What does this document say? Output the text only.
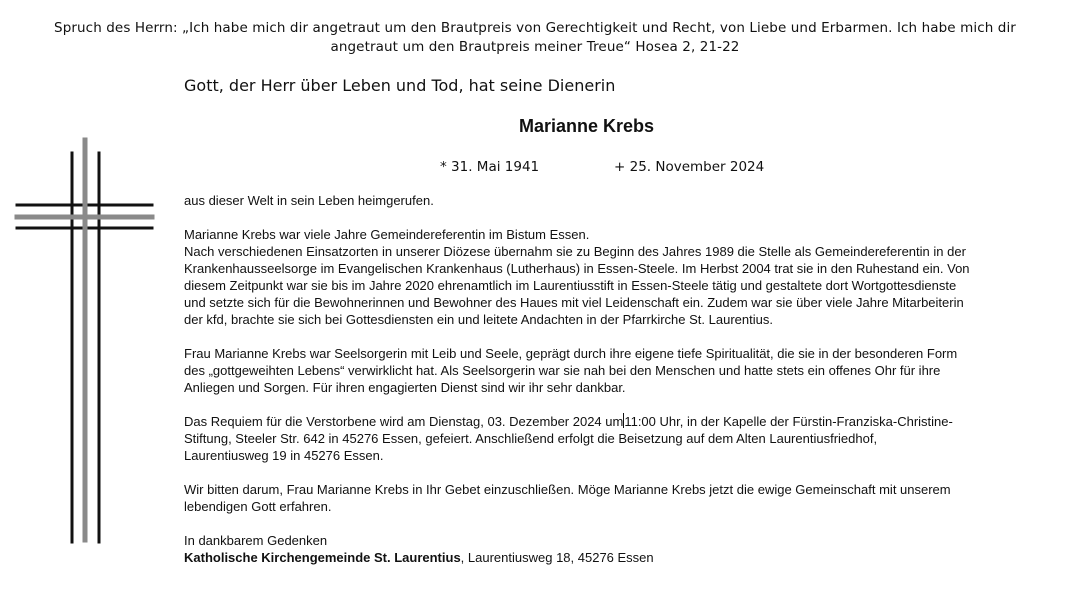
Spruch des Herrn: „Ich habe mich dir angetraut um den Brautpreis von Gerechtigkeit und Recht, von Liebe und Erbarmen. Ich habe mich dir
angetraut um den Brautpreis meiner Treue“ Hosea 2, 21-22
Gott, der Herr über Leben und Tod, hat seine Dienerin
Marianne Krebs
* 31. Mai 1941	+ 25. November 2024

aus dieser Welt in sein Leben heimgerufen.

Marianne Krebs war viele Jahre Gemeindereferentin im Bistum Essen.

Nach verschiedenen Einsatzorten in unserer Diözese übernahm sie zu Beginn des Jahres 1989 die Stelle als Gemeindereferentin in der

Krankenhausseelsorge im Evangelischen Krankenhaus (Lutherhaus) in Essen-Steele. Im Herbst 2004 trat sie in den Ruhestand ein. Von

diesem Zeitpunkt war sie bis im Jahre 2020 ehrenamtlich im Laurentiusstift in Essen-Steele tätig und gestaltete dort Wortgottesdienste

und setzte sich für die Bewohnerinnen und Bewohner des Haues mit viel Leidenschaft ein. Zudem war sie über viele Jahre Mitarbeiterin

der kfd, brachte sie sich bei Gottesdiensten ein und leitete Andachten in der Pfarrkirche St. Laurentius.

Frau Marianne Krebs war Seelsorgerin mit Leib und Seele, geprägt durch ihre eigene tiefe Spiritualität, die sie in der besonderen Form

des „gottgeweihten Lebens“ verwirklicht hat. Als Seelsorgerin war sie nah bei den Menschen und hatte stets ein offenes Ohr für ihre

Anliegen und Sorgen. Für ihren engagierten Dienst sind wir ihr sehr dankbar.

Das Requiem für die Verstorbene wird am Dienstag, 03. Dezember 2024 um11:00 Uhr, in der Kapelle der Fürstin-Franziska-Christine-

Stiftung, Steeler Str. 642 in 45276 Essen, gefeiert. Anschließend erfolgt die Beisetzung auf dem Alten Laurentiusfriedhof,

Laurentiusweg 19 in 45276 Essen.

Wir bitten darum, Frau Marianne Krebs in Ihr Gebet einzuschließen. Möge Marianne Krebs jetzt die ewige Gemeinschaft mit unserem

lebendigen Gott erfahren.

In dankbarem Gedenken

Katholische Kirchengemeinde St. Laurentius, Laurentiusweg 18, 45276 Essen
